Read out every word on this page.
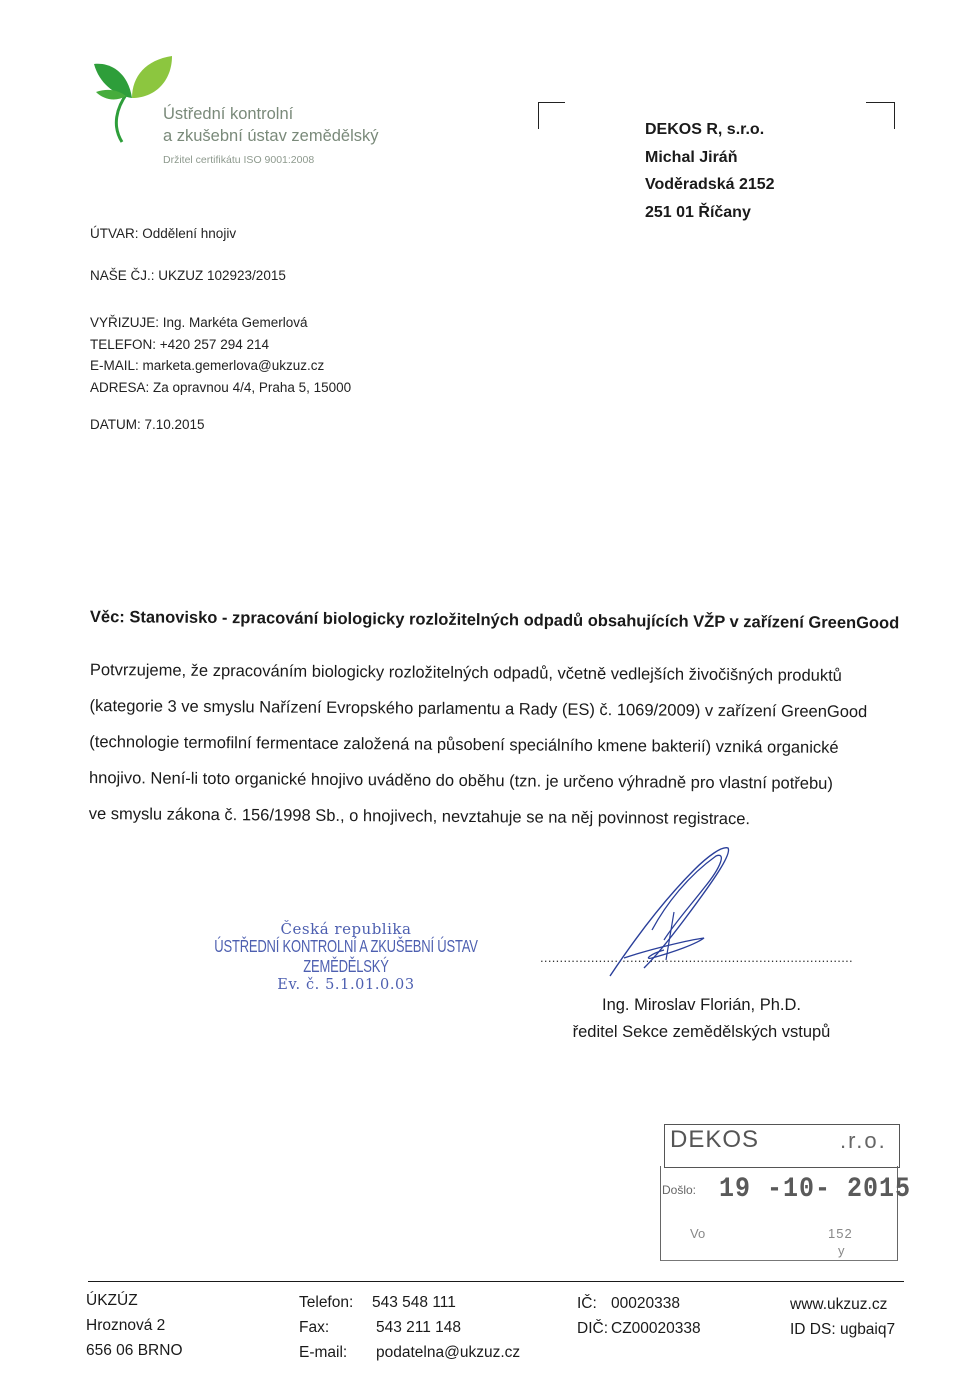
Ústřední kontrolní
a zkušební ústav zemědělský
Držitel certifikátu ISO 9001:2008
ÚTVAR: Oddělení hnojiv
NAŠE ČJ.: UKZUZ 102923/2015
VYŘIZUJE: Ing. Markéta Gemerlová
TELEFON: +420 257 294 214
E-MAIL: marketa.gemerlova@ukzuz.cz
ADRESA: Za opravnou 4/4, Praha 5, 15000
DATUM: 7.10.2015
DEKOS R, s.r.o.
Michal Jiráň
Voděradská 2152
251 01 Říčany
Věc: Stanovisko - zpracování biologicky rozložitelných odpadů obsahujících VŽP v zařízení GreenGood
Potvrzujeme, že zpracováním biologicky rozložitelných odpadů, včetně vedlejších živočišných produktů
(kategorie 3 ve smyslu Nařízení Evropského parlamentu a Rady (ES) č. 1069/2009) v zařízení GreenGood
(technologie termofilní fermentace založená na působení speciálního kmene bakterií) vzniká organické
hnojivo. Není-li toto organické hnojivo uváděno do oběhu (tzn. je určeno výhradně pro vlastní potřebu)
ve smyslu zákona č. 156/1998 Sb., o hnojivech, nevztahuje se na něj povinnost registrace.
Česká republika
ÚSTŘEDNÍ KONTROLNÍ A ZKUŠEBNÍ ÚSTAV ZEMĚDĚLSKÝ
Ev. č. 5.1.01.0.03
................................................................................
Ing. Miroslav Florián, Ph.D.
ředitel Sekce zemědělských vstupů
DEKOS	.r.o.
Došlo: 19 -10- 2015
Vo	152
y
ÚKZÚZ
Hroznová 2
656 06 BRNO
Telefon:
Fax:
E-mail:
543 548 111
543 211 148
podatelna@ukzuz.cz
IČ:
DIČ:
00020338
CZ00020338
www.ukzuz.cz
ID DS: ugbaiq7
